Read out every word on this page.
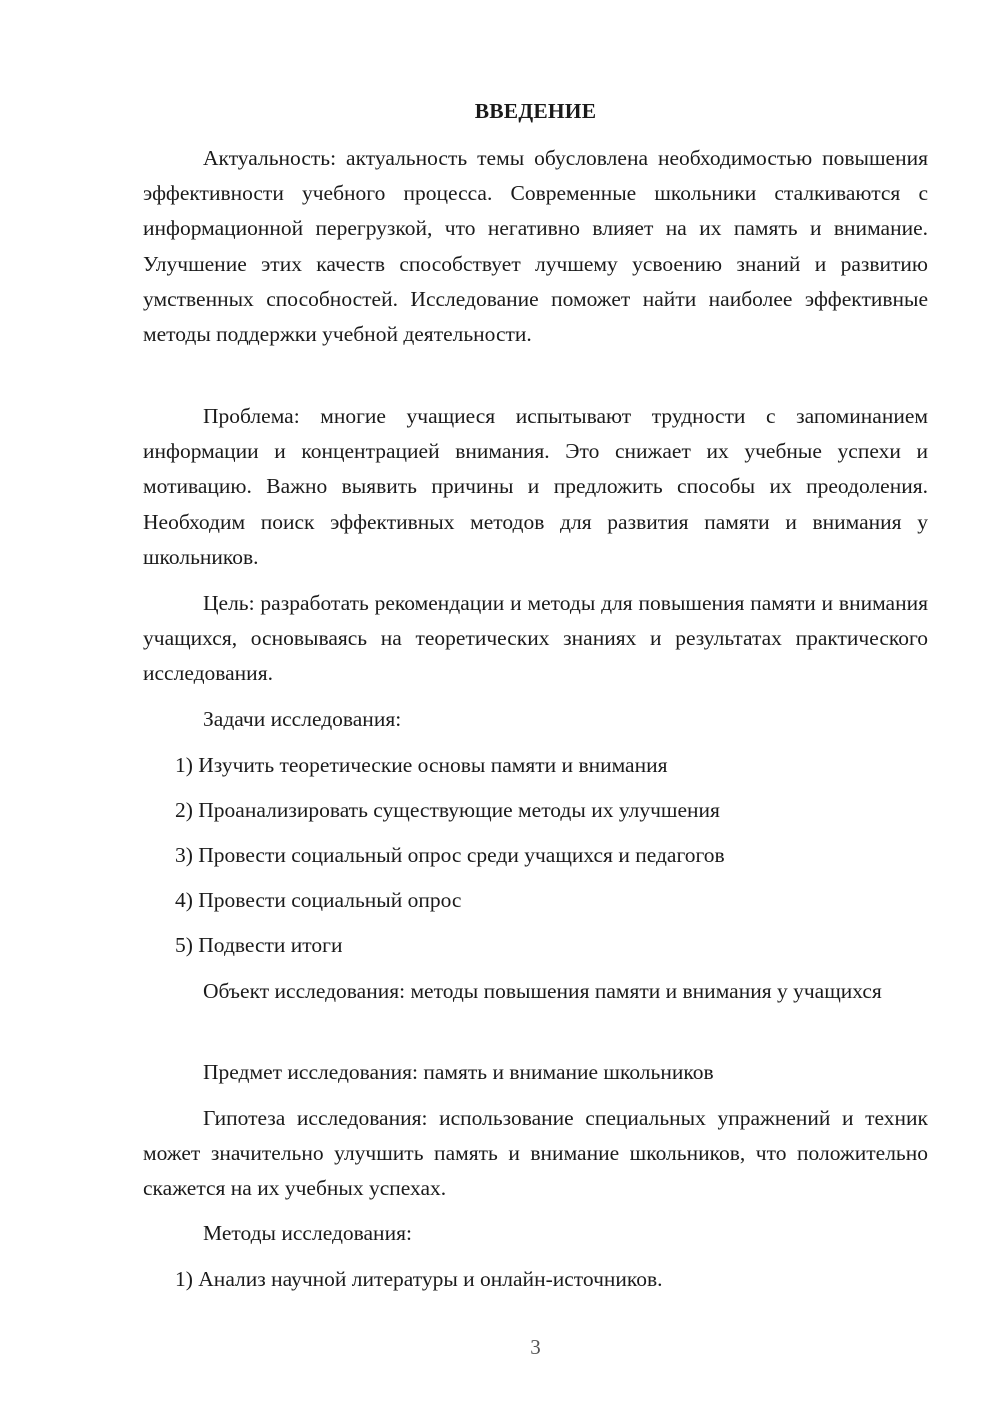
ВВЕДЕНИЕ

Актуальность: актуальность темы обусловлена необходимостью повышения эффективности учебного процесса. Современные школьники сталкиваются с информационной перегрузкой, что негативно влияет на их память и внимание. Улучшение этих качеств способствует лучшему усвоению знаний и развитию умственных способностей. Исследование поможет найти наиболее эффективные методы поддержки учебной деятельности.

Проблема: многие учащиеся испытывают трудности с запоминанием информации и концентрацией внимания. Это снижает их учебные успехи и мотивацию. Важно выявить причины и предложить способы их преодоления. Необходим поиск эффективных методов для развития памяти и внимания у школьников.

Цель: разработать рекомендации и методы для повышения памяти и внимания учащихся, основываясь на теоретических знаниях и результатах практического исследования.

Задачи исследования:
1) Изучить теоретические основы памяти и внимания
2) Проанализировать существующие методы их улучшения
3) Провести социальный опрос среди учащихся и педагогов
4) Провести социальный опрос
5) Подвести итоги

Объект исследования: методы повышения памяти и внимания у учащихся

Предмет исследования: память и внимание школьников

Гипотеза исследования: использование специальных упражнений и техник может значительно улучшить память и внимание школьников, что положительно скажется на их учебных успехах.

Методы исследования:
1) Анализ научной литературы и онлайн-источников.
3
